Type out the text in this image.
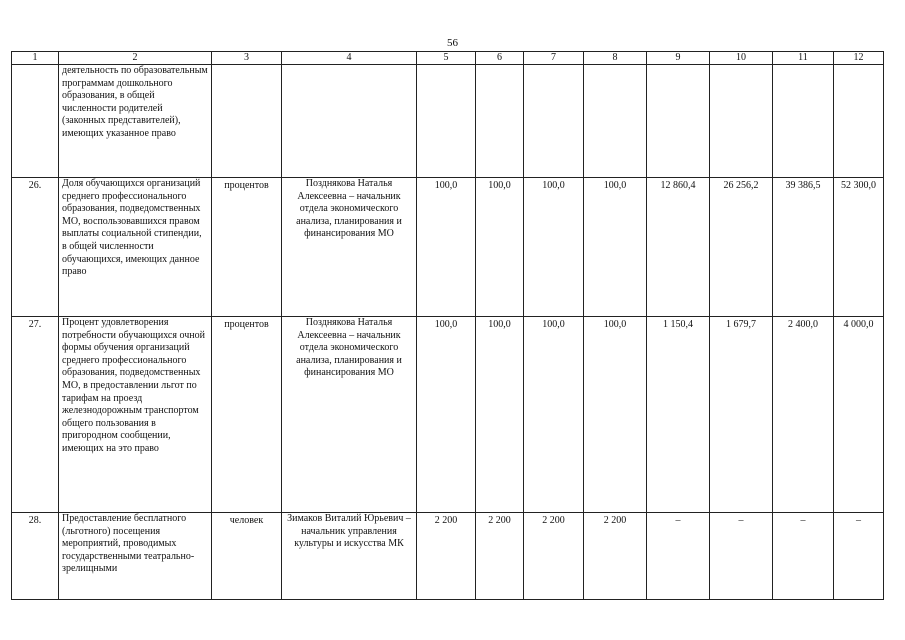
56
1	2	3	4	5	6	7	8	9	10	11	12
	деятельность по образовательным программам дошкольного образования, в общей численности родителей (законных представителей), имеющих указанное право										
26.	Доля обучающихся организаций среднего профессионального образования, подведомственных МО, воспользовавшихся правом выплаты социальной стипендии, в общей численности обучающихся, имеющих данное право	процентов	Позднякова Наталья Алексеевна – начальник отдела экономического анализа, планирования и финансирования МО	100,0	100,0	100,0	100,0	12 860,4	26 256,2	39 386,5	52 300,0
27.	Процент удовлетворения потребности обучающихся очной формы обучения организаций среднего профессионального образования, подведомственных МО, в предоставлении льгот по тарифам на проезд железнодорожным транспортом общего пользования в пригородном сообщении, имеющих на это право	процентов	Позднякова Наталья Алексеевна – начальник отдела экономического анализа, планирования и финансирования МО	100,0	100,0	100,0	100,0	1 150,4	1 679,7	2 400,0	4 000,0
28.	Предоставление бесплатного (льготного) посещения мероприятий, проводимых государственными театрально-зрелищными	человек	Зимаков Виталий Юрьевич – начальник управления культуры и искусства МК	2 200	2 200	2 200	2 200	–	–	–	–
